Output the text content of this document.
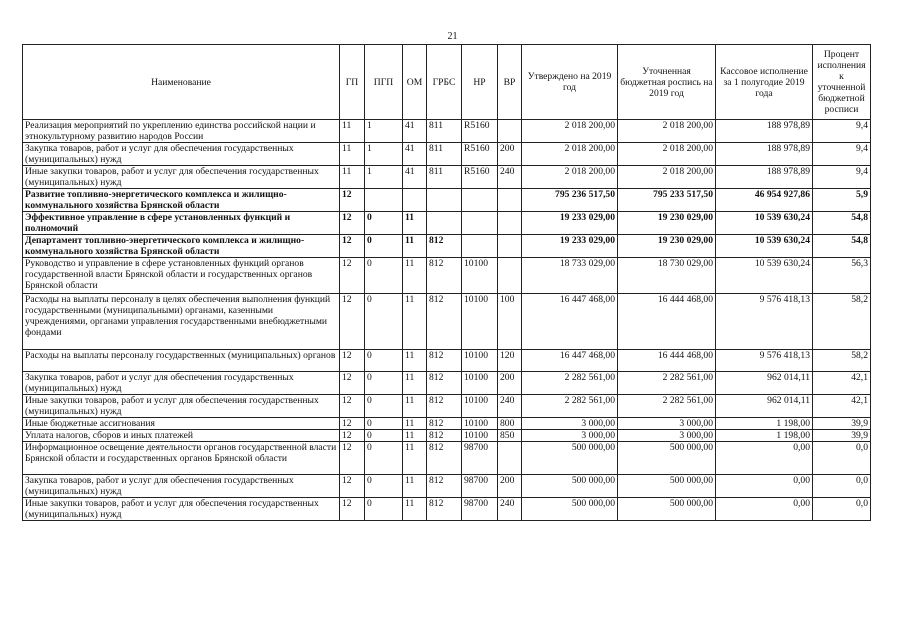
21
Наименование	ГП	ПГП	ОМ	ГРБС	НР	ВР	Утверждено на 2019 год	Уточненная бюджетная роспись на 2019 год	Кассовое исполнение за 1 полугодие 2019 года	Процент исполнения к уточненной бюджетной росписи
Реализация мероприятий по укреплению единства российской нации и этнокультурному развитию народов России	11	1	41	811	R5160		2 018 200,00	2 018 200,00	188 978,89	9,4
Закупка товаров, работ и услуг для обеспечения государственных (муниципальных) нужд	11	1	41	811	R5160	200	2 018 200,00	2 018 200,00	188 978,89	9,4
Иные закупки товаров, работ и услуг для обеспечения государственных (муниципальных) нужд	11	1	41	811	R5160	240	2 018 200,00	2 018 200,00	188 978,89	9,4
Развитие топливно-энергетического комплекса и жилищно-коммунального хозяйства Брянской области	12						795 236 517,50	795 233 517,50	46 954 927,86	5,9
Эффективное управление в сфере установленных функций и полномочий	12	0	11				19 233 029,00	19 230 029,00	10 539 630,24	54,8
Департамент топливно-энергетического комплекса и жилищно-коммунального хозяйства Брянской области	12	0	11	812			19 233 029,00	19 230 029,00	10 539 630,24	54,8
Руководство и управление в сфере установленных функций органов государственной власти Брянской области и государственных органов Брянской области	12	0	11	812	10100		18 733 029,00	18 730 029,00	10 539 630,24	56,3
Расходы на выплаты персоналу в целях обеспечения выполнения функций государственными (муниципальными) органами, казенными учреждениями, органами управления государственными внебюджетными фондами	12	0	11	812	10100	100	16 447 468,00	16 444 468,00	9 576 418,13	58,2
Расходы на выплаты персоналу государственных (муниципальных) органов	12	0	11	812	10100	120	16 447 468,00	16 444 468,00	9 576 418,13	58,2
Закупка товаров, работ и услуг для обеспечения государственных (муниципальных) нужд	12	0	11	812	10100	200	2 282 561,00	2 282 561,00	962 014,11	42,1
Иные закупки товаров, работ и услуг для обеспечения государственных (муниципальных) нужд	12	0	11	812	10100	240	2 282 561,00	2 282 561,00	962 014,11	42,1
Иные бюджетные ассигнования	12	0	11	812	10100	800	3 000,00	3 000,00	1 198,00	39,9
Уплата налогов, сборов и иных платежей	12	0	11	812	10100	850	3 000,00	3 000,00	1 198,00	39,9
Информационное освещение деятельности органов государственной власти Брянской области и государственных органов Брянской области	12	0	11	812	98700		500 000,00	500 000,00	0,00	0,0
Закупка товаров, работ и услуг для обеспечения государственных (муниципальных) нужд	12	0	11	812	98700	200	500 000,00	500 000,00	0,00	0,0
Иные закупки товаров, работ и услуг для обеспечения государственных (муниципальных) нужд	12	0	11	812	98700	240	500 000,00	500 000,00	0,00	0,0
